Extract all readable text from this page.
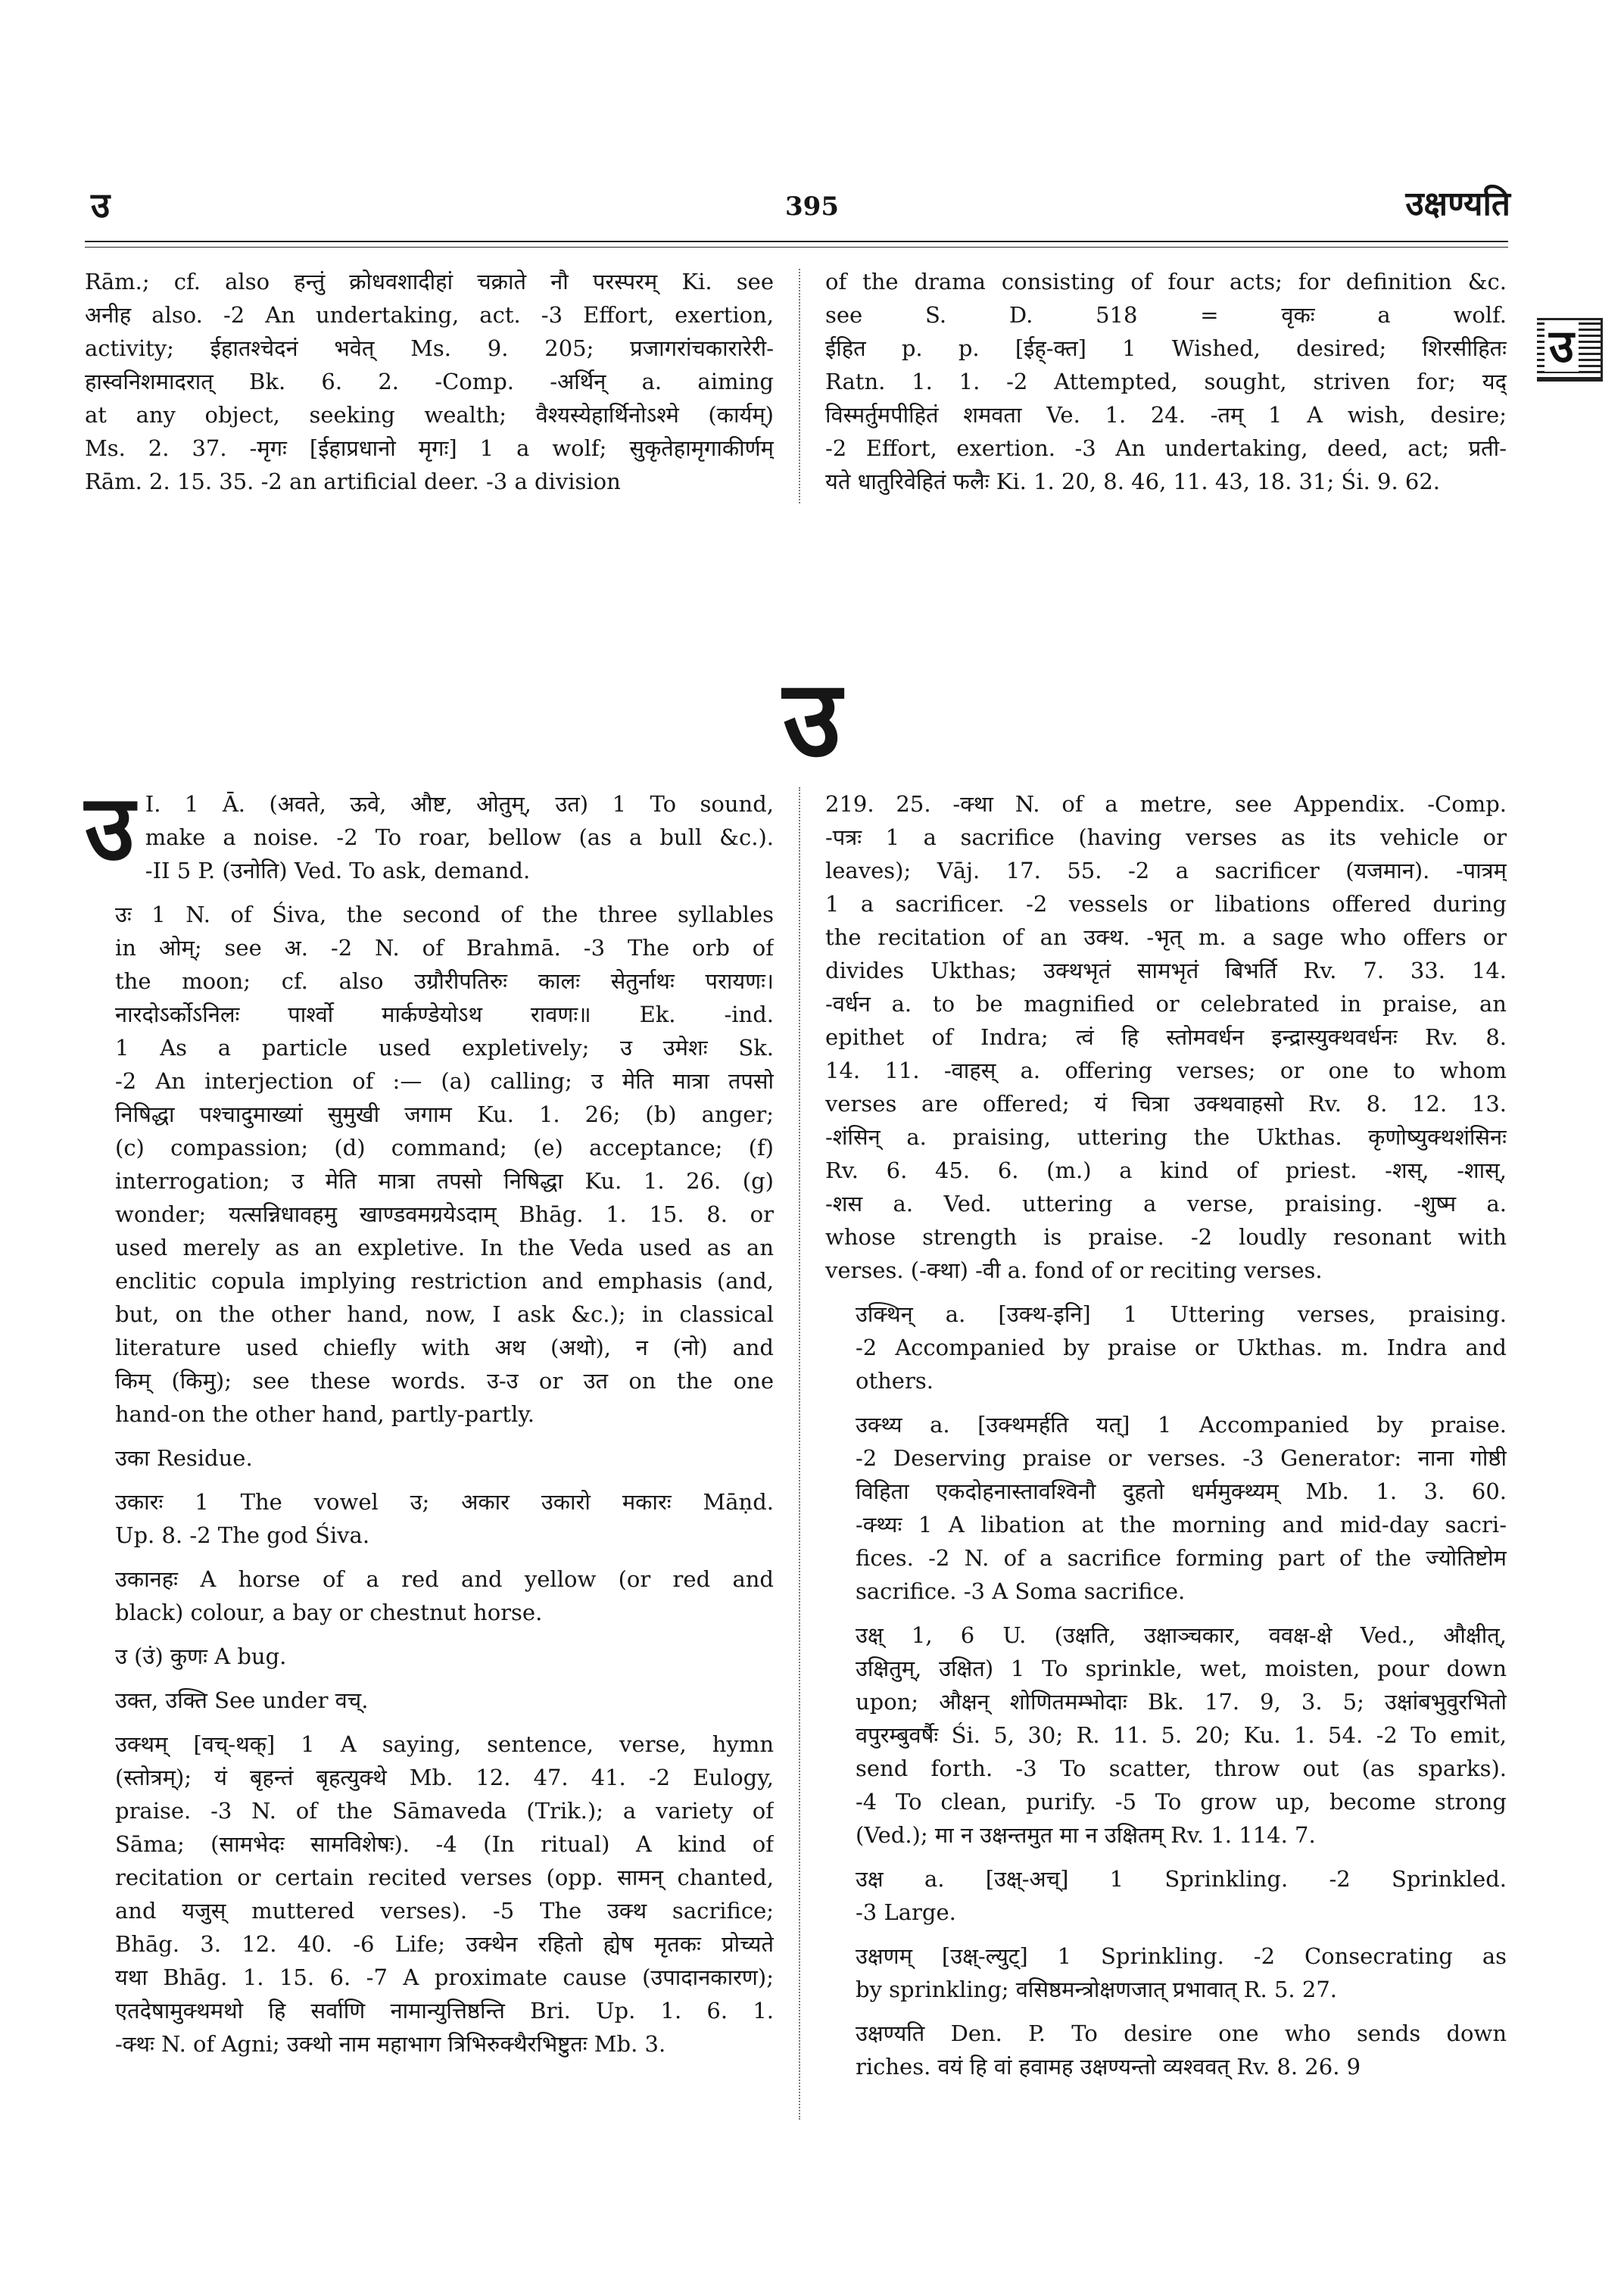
उ	395	उक्षण्यति
उ
Rām.; cf. also हन्तुं क्रोधवशादीहां चक्राते नौ परस्परम् Ki. see
अनीह also. -2 An undertaking, act. -3 Effort, exertion,
activity; ईहातश्चेदनं भवेत् Ms. 9. 205; प्रजागरांचकारारेरी-
हास्वनिशमादरात् Bk. 6. 2. -Comp. -अर्थिन् a. aiming
at any object, seeking wealth; वैश्यस्येहार्थिनोऽश्मे (कार्यम्)
Ms. 2. 37. -मृगः [ईहाप्रधानो मृगः] 1 a wolf; सुकृतेहामृगाकीर्णम्
Rām. 2. 15. 35. -2 an artificial deer. -3 a division
of the drama consisting of four acts; for definition &c.
see S. D. 518 = वृकः a wolf.
ईहित p. p. [ईह्-क्त] 1 Wished, desired; शिरसीहितः
Ratn. 1. 1. -2 Attempted, sought, striven for; यद्
विस्मर्तुमपीहितं शमवता Ve. 1. 24. -तम् 1 A wish, desire;
-2 Effort, exertion. -3 An undertaking, deed, act; प्रती-
यते धातुरिवेहितं फलैः Ki. 1. 20, 8. 46, 11. 43, 18. 31; Śi. 9. 62.
उ

उ I. 1 Ā. (अवते, ऊवे, औष्ट, ओतुम्, उत) 1 To sound,
make a noise. -2 To roar, bellow (as a bull &c.).
-II 5 P. (उनोति) Ved. To ask, demand.

उः 1 N. of Śiva, the second of the three syllables
in ओम्; see अ. -2 N. of Brahmā. -3 The orb of
the moon; cf. also उग्रौरीपतिरुः कालः सेतुर्नाथः परायणः।
नारदोऽर्कोऽनिलः पार्श्वो मार्कण्डेयोऽथ रावणः॥ Ek. -ind.
1 As a particle used expletively; उ उमेशः Sk.
-2 An interjection of :— (a) calling; उ मेति मात्रा तपसो
निषिद्धा पश्चादुमाख्यां सुमुखी जगाम Ku. 1. 26; (b) anger;
(c) compassion; (d) command; (e) acceptance; (f)
interrogation; उ मेति मात्रा तपसो निषिद्धा Ku. 1. 26. (g)
wonder; यत्सन्निधावहमु खाण्डवमग्रयेऽदाम् Bhāg. 1. 15. 8. or
used merely as an expletive. In the Veda used as an
enclitic copula implying restriction and emphasis (and,
but, on the other hand, now, I ask &c.); in classical
literature used chiefly with अथ (अथो), न (नो) and
किम् (किमु); see these words. उ-उ or उत on the one
hand-on the other hand, partly-partly.

उका Residue.

उकारः 1 The vowel उ; अकार उकारो मकारः Māṇd.
Up. 8. -2 The god Śiva.

उकानहः A horse of a red and yellow (or red and
black) colour, a bay or chestnut horse.

उ (उं) कुणः A bug.

उक्त, उक्ति See under वच्.

उक्थम् [वच्-थक्] 1 A saying, sentence, verse, hymn
(स्तोत्रम्); यं बृहन्तं बृहत्युक्थे Mb. 12. 47. 41. -2 Eulogy,
praise. -3 N. of the Sāmaveda (Trik.); a variety of
Sāma; (सामभेदः सामविशेषः). -4 (In ritual) A kind of
recitation or certain recited verses (opp. सामन् chanted,
and यजुस् muttered verses). -5 The उक्थ sacrifice;
Bhāg. 3. 12. 40. -6 Life; उक्थेन रहितो ह्येष मृतकः प्रोच्यते
यथा Bhāg. 1. 15. 6. -7 A proximate cause (उपादानकारण);
एतदेषामुक्थमथो हि सर्वाणि नामान्युत्तिष्ठन्ति Bri. Up. 1. 6. 1.
-क्थः N. of Agni; उक्थो नाम महाभाग त्रिभिरुक्थैरभिष्टुतः Mb. 3.

219. 25. -क्था N. of a metre, see Appendix. -Comp.
-पत्रः 1 a sacrifice (having verses as its vehicle or
leaves); Vāj. 17. 55. -2 a sacrificer (यजमान). -पात्रम्
1 a sacrificer. -2 vessels or libations offered during
the recitation of an उक्थ. -भृत् m. a sage who offers or
divides Ukthas; उक्थभृतं सामभृतं बिभर्ति Rv. 7. 33. 14.
-वर्धन a. to be magnified or celebrated in praise, an
epithet of Indra; त्वं हि स्तोमवर्धन इन्द्रास्युक्थवर्धनः Rv. 8.
14. 11. -वाहस् a. offering verses; or one to whom
verses are offered; यं चित्रा उक्थवाहसो Rv. 8. 12. 13.
-शंसिन् a. praising, uttering the Ukthas. कृणोष्युक्थशंसिनः
Rv. 6. 45. 6. (m.) a kind of priest. -शस्, -शास्,
-शस a. Ved. uttering a verse, praising. -शुष्म a.
whose strength is praise. -2 loudly resonant with
verses. (-क्था) -वी a. fond of or reciting verses.

उक्थिन् a. [उक्थ-इनि] 1 Uttering verses, praising.
-2 Accompanied by praise or Ukthas. m. Indra and
others.

उक्थ्य a. [उक्थमर्हति यत्] 1 Accompanied by praise.
-2 Deserving praise or verses. -3 Generator: नाना गोष्ठी
विहिता एकदोहनास्तावश्विनौ दुहतो धर्ममुक्थ्यम् Mb. 1. 3. 60.
-क्थ्यः 1 A libation at the morning and mid-day sacri-
fices. -2 N. of a sacrifice forming part of the ज्योतिष्टोम
sacrifice. -3 A Soma sacrifice.

उक्ष् 1, 6 U. (उक्षति, उक्षाञ्चकार, ववक्ष-क्षे Ved., औक्षीत्,
उक्षितुम्, उक्षित) 1 To sprinkle, wet, moisten, pour down
upon; औक्षन् शोणितमम्भोदाः Bk. 17. 9, 3. 5; उक्षांबभुवुरभितो
वपुरम्बुवर्षैः Śi. 5, 30; R. 11. 5. 20; Ku. 1. 54. -2 To emit,
send forth. -3 To scatter, throw out (as sparks).
-4 To clean, purify. -5 To grow up, become strong
(Ved.); मा न उक्षन्तमुत मा न उक्षितम् Rv. 1. 114. 7.

उक्ष a. [उक्ष्-अच्] 1 Sprinkling. -2 Sprinkled.
-3 Large.

उक्षणम् [उक्ष्-ल्युट्] 1 Sprinkling. -2 Consecrating as
by sprinkling; वसिष्ठमन्त्रोक्षणजात् प्रभावात् R. 5. 27.

उक्षण्यति Den. P. To desire one who sends down
riches. वयं हि वां हवामह उक्षण्यन्तो व्यश्ववत् Rv. 8. 26. 9
